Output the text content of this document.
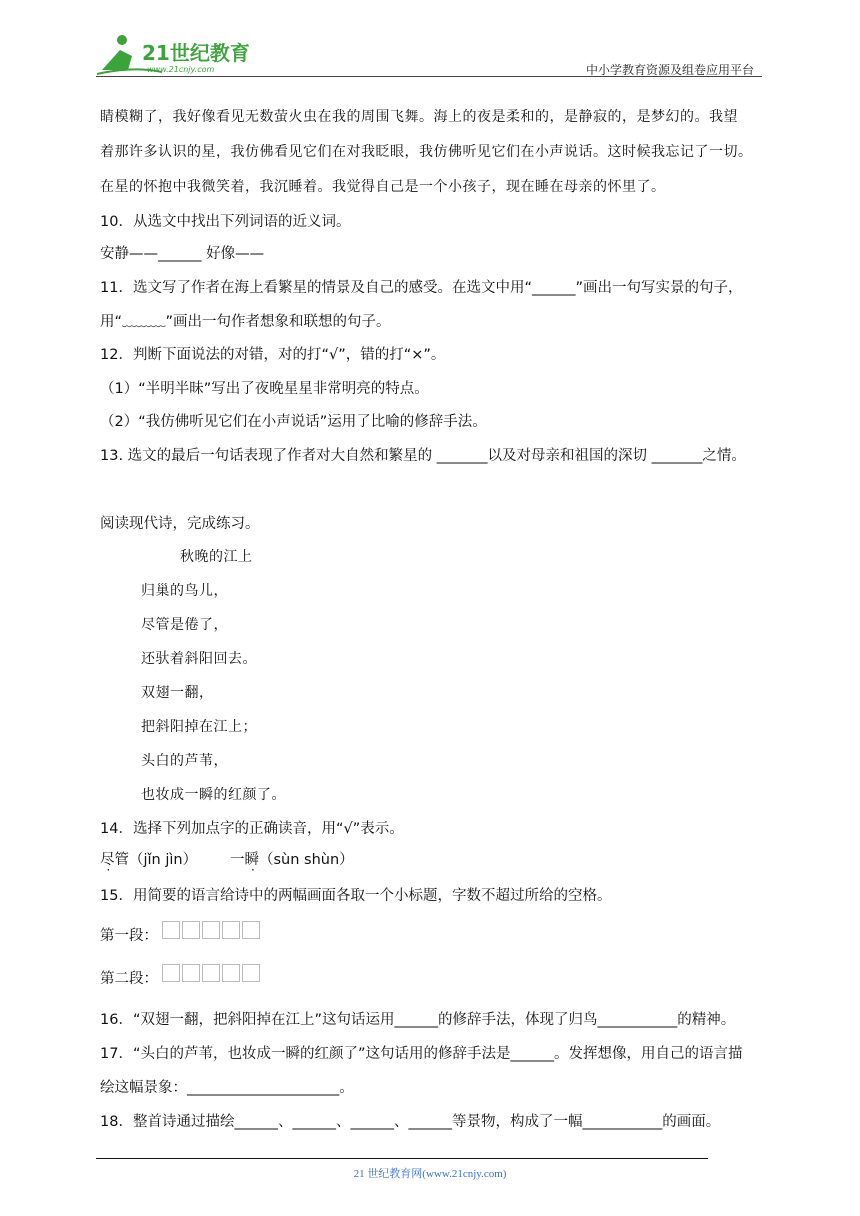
21世纪教育
www.21cnjy.com	中小学教育资源及组卷应用平台
睛模糊了，我好像看见无数萤火虫在我的周围飞舞。海上的夜是柔和的，是静寂的，是梦幻的。我望
着那许多认识的星，我仿佛看见它们在对我眨眼，我仿佛听见它们在小声说话。这时候我忘记了一切。
在星的怀抱中我微笑着，我沉睡着。我觉得自己是一个小孩子，现在睡在母亲的怀里了。
10．从选文中找出下列词语的近义词。
安静——______ 好像——
11．选文写了作者在海上看繁星的情景及自己的感受。在选文中用“______”画出一句写实景的句子，
用“﹏﹏﹏”画出一句作者想象和联想的句子。
12．判断下面说法的对错，对的打“√”，错的打“×”。
（1）“半明半昧”写出了夜晚星星非常明亮的特点。
（2）“我仿佛听见它们在小声说话”运用了比喻的修辞手法。
13. 选文的最后一句话表现了作者对大自然和繁星的 _______以及对母亲和祖国的深切 _______之情。
阅读现代诗，完成练习。
秋晚的江上
归巢的鸟儿，
尽管是倦了，
还驮着斜阳回去。
双翅一翻，
把斜阳掉在江上；
头白的芦苇，
也妆成一瞬的红颜了。
14．选择下列加点字的正确读音，用“√”表示。
尽管（jǐn jìn） 一瞬（sùn shùn）
15．用简要的语言给诗中的两幅画面各取一个小标题，字数不超过所给的空格。
第一段：
第二段：
16．“双翅一翻，把斜阳掉在江上”这句话运用______的修辞手法，体现了归鸟___________的精神。
17．“头白的芦苇，也妆成一瞬的红颜了”这句话用的修辞手法是______。发挥想像，用自己的语言描
绘这幅景象：_____________________。
18．整首诗通过描绘______、______、______、______等景物，构成了一幅___________的画面。
21 世纪教育网(www.21cnjy.com)
